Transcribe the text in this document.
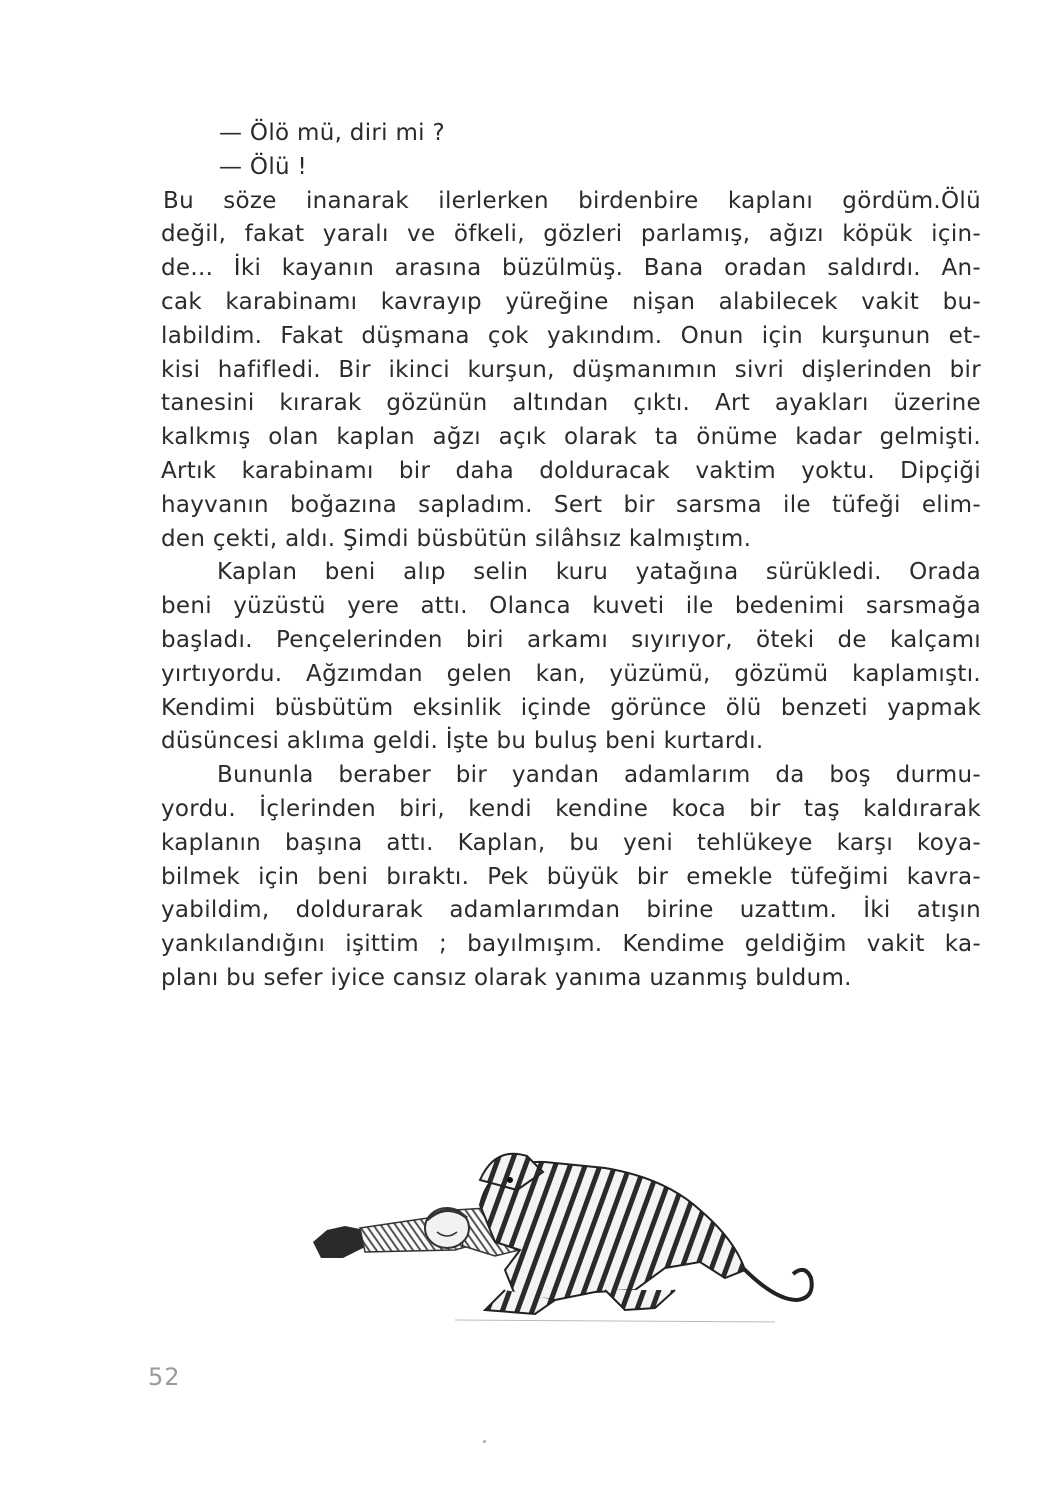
— Ölö mü, diri mi ?

— Ölü !

Bu söze inanarak ilerlerken birdenbire kaplanı gördüm.Ölü

değil, fakat yaralı ve öfkeli, gözleri parlamış, ağızı köpük için-

de... İki kayanın arasına büzülmüş. Bana oradan saldırdı. An-

cak karabinamı kavrayıp yüreğine nişan alabilecek vakit bu-

labildim. Fakat düşmana çok yakındım. Onun için kurşunun et-

kisi hafifledi. Bir ikinci kurşun, düşmanımın sivri dişlerinden bir

tanesini kırarak gözünün altından çıktı. Art ayakları üzerine

kalkmış olan kaplan ağzı açık olarak ta önüme kadar gelmişti.

Artık karabinamı bir daha dolduracak vaktim yoktu. Dipçiği

hayvanın boğazına sapladım. Sert bir sarsma ile tüfeği elim-

den çekti, aldı. Şimdi büsbütün silâhsız kalmıştım.

Kaplan beni alıp selin kuru yatağına sürükledi. Orada

beni yüzüstü yere attı. Olanca kuveti ile bedenimi sarsmağa

başladı. Pençelerinden biri arkamı sıyırıyor, öteki de kalçamı

yırtıyordu. Ağzımdan gelen kan, yüzümü, gözümü kaplamıştı.

Kendimi büsbütüm eksinlik içinde görünce ölü benzeti yapmak

düsüncesi aklıma geldi. İşte bu buluş beni kurtardı.

Bununla beraber bir yandan adamlarım da boş durmu-

yordu. İçlerinden biri, kendi kendine koca bir taş kaldırarak

kaplanın başına attı. Kaplan, bu yeni tehlükeye karşı koya-

bilmek için beni bıraktı. Pek büyük bir emekle tüfeğimi kavra-

yabildim, doldurarak adamlarımdan birine uzattım. İki atışın

yankılandığını işittim ; bayılmışım. Kendime geldiğim vakit ka-

planı bu sefer iyice cansız olarak yanıma uzanmış buldum.

52
